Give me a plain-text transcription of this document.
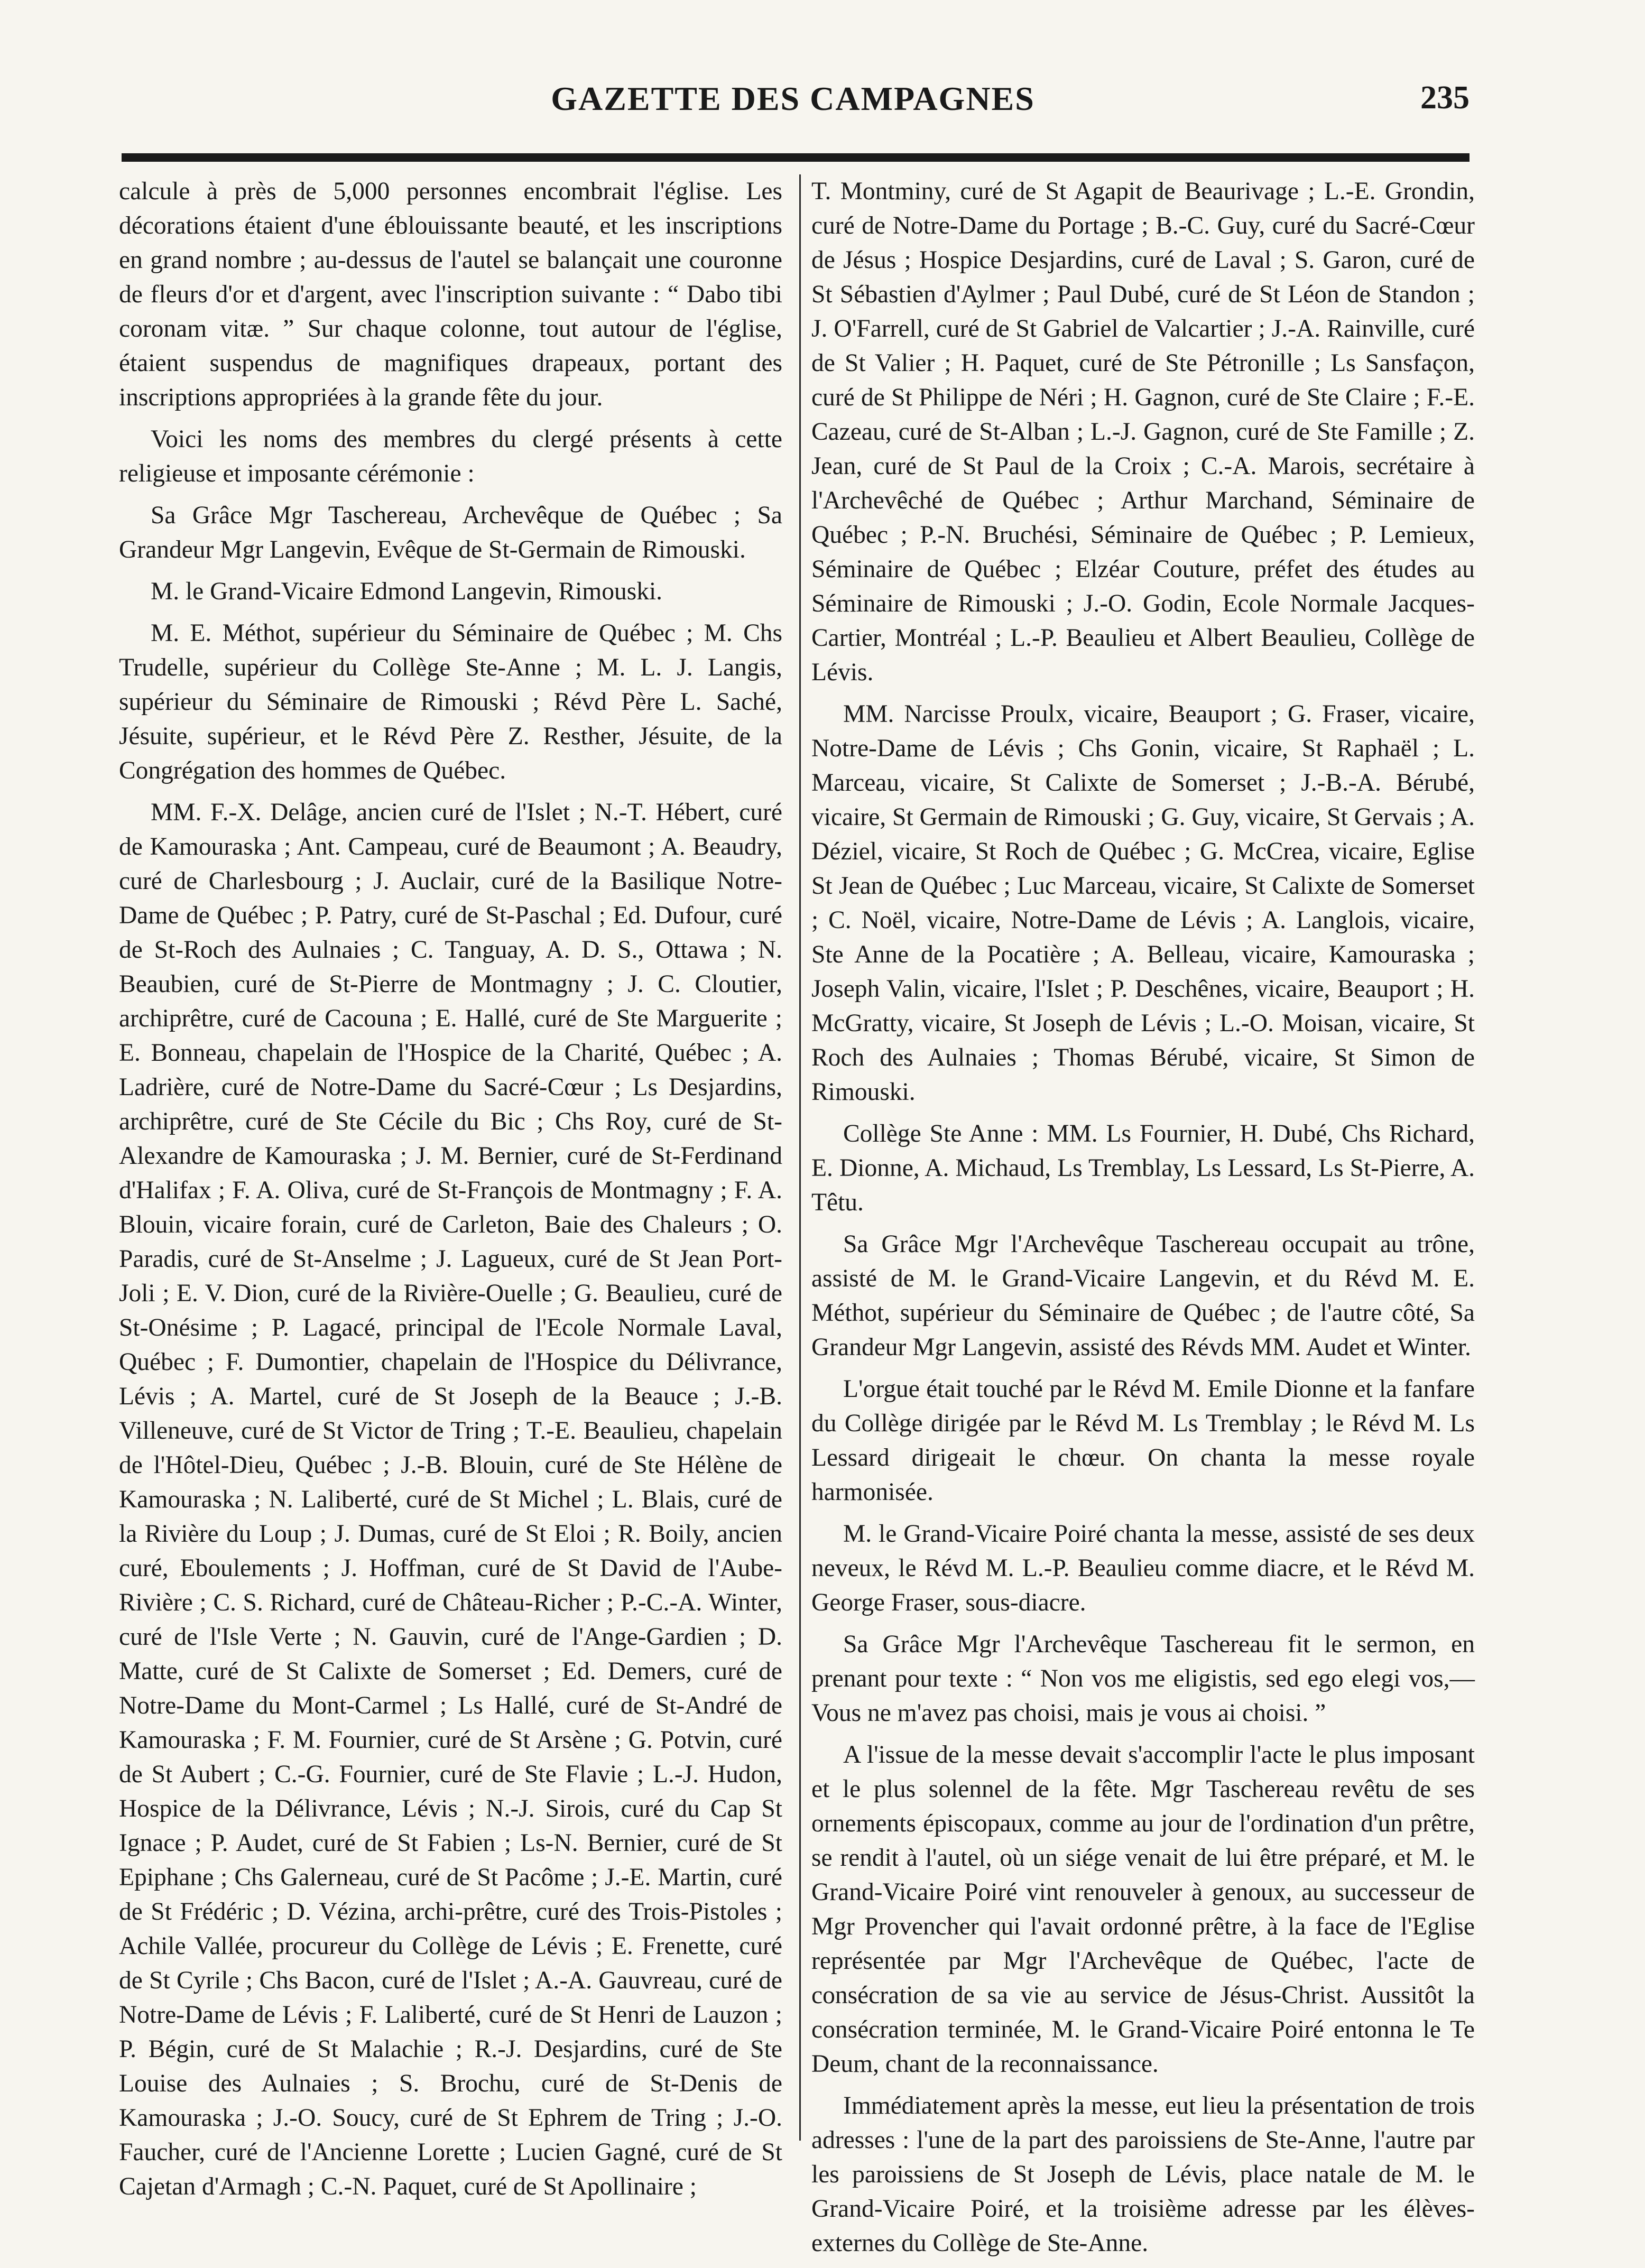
GAZETTE DES CAMPAGNES	235

calcule à près de 5,000 personnes encombrait l'église. Les décorations étaient d'une éblouissante beauté, et les inscriptions en grand nombre ; au-dessus de l'autel se balançait une couronne de fleurs d'or et d'argent, avec l'inscription suivante : “ Dabo tibi coronam vitæ. ” Sur chaque colonne, tout autour de l'église, étaient suspendus de magnifiques drapeaux, portant des inscriptions appropriées à la grande fête du jour.

Voici les noms des membres du clergé présents à cette religieuse et imposante cérémonie :

Sa Grâce Mgr Taschereau, Archevêque de Québec ; Sa Grandeur Mgr Langevin, Evêque de St-Germain de Rimouski.

M. le Grand-Vicaire Edmond Langevin, Rimouski.

M. E. Méthot, supérieur du Séminaire de Québec ; M. Chs Trudelle, supérieur du Collège Ste-Anne ; M. L. J. Langis, supérieur du Séminaire de Rimouski ; Révd Père L. Saché, Jésuite, supérieur, et le Révd Père Z. Resther, Jésuite, de la Congrégation des hommes de Québec.

MM. F.-X. Delâge, ancien curé de l'Islet ; N.-T. Hébert, curé de Kamouraska ; Ant. Campeau, curé de Beaumont ; A. Beaudry, curé de Charlesbourg ; J. Auclair, curé de la Basilique Notre-Dame de Québec ; P. Patry, curé de St-Paschal ; Ed. Dufour, curé de St-Roch des Aulnaies ; C. Tanguay, A. D. S., Ottawa ; N. Beaubien, curé de St-Pierre de Montmagny ; J. C. Cloutier, archiprêtre, curé de Cacouna ; E. Hallé, curé de Ste Marguerite ; E. Bonneau, chapelain de l'Hospice de la Charité, Québec ; A. Ladrière, curé de Notre-Dame du Sacré-Cœur ; Ls Desjardins, archiprêtre, curé de Ste Cécile du Bic ; Chs Roy, curé de St-Alexandre de Kamouraska ; J. M. Bernier, curé de St-Ferdinand d'Halifax ; F. A. Oliva, curé de St-François de Montmagny ; F. A. Blouin, vicaire forain, curé de Carleton, Baie des Chaleurs ; O. Paradis, curé de St-Anselme ; J. Lagueux, curé de St Jean Port-Joli ; E. V. Dion, curé de la Rivière-Ouelle ; G. Beaulieu, curé de St-Onésime ; P. Lagacé, principal de l'Ecole Normale Laval, Québec ; F. Dumontier, chapelain de l'Hospice du Délivrance, Lévis ; A. Martel, curé de St Joseph de la Beauce ; J.-B. Villeneuve, curé de St Victor de Tring ; T.-E. Beaulieu, chapelain de l'Hôtel-Dieu, Québec ; J.-B. Blouin, curé de Ste Hélène de Kamouraska ; N. Laliberté, curé de St Michel ; L. Blais, curé de la Rivière du Loup ; J. Dumas, curé de St Eloi ; R. Boily, ancien curé, Eboulements ; J. Hoffman, curé de St David de l'Aube-Rivière ; C. S. Richard, curé de Château-Richer ; P.-C.-A. Winter, curé de l'Isle Verte ; N. Gauvin, curé de l'Ange-Gardien ; D. Matte, curé de St Calixte de Somerset ; Ed. Demers, curé de Notre-Dame du Mont-Carmel ; Ls Hallé, curé de St-André de Kamouraska ; F. M. Fournier, curé de St Arsène ; G. Potvin, curé de St Aubert ; C.-G. Fournier, curé de Ste Flavie ; L.-J. Hudon, Hospice de la Délivrance, Lévis ; N.-J. Sirois, curé du Cap St Ignace ; P. Audet, curé de St Fabien ; Ls-N. Bernier, curé de St Epiphane ; Chs Galerneau, curé de St Pacôme ; J.-E. Martin, curé de St Frédéric ; D. Vézina, archi-prêtre, curé des Trois-Pistoles ; Achile Vallée, procureur du Collège de Lévis ; E. Frenette, curé de St Cyrile ; Chs Bacon, curé de l'Islet ; A.-A. Gauvreau, curé de Notre-Dame de Lévis ; F. Laliberté, curé de St Henri de Lauzon ; P. Bégin, curé de St Malachie ; R.-J. Desjardins, curé de Ste Louise des Aulnaies ; S. Brochu, curé de St-Denis de Kamouraska ; J.-O. Soucy, curé de St Ephrem de Tring ; J.-O. Faucher, curé de l'Ancienne Lorette ; Lucien Gagné, curé de St Cajetan d'Armagh ; C.-N. Paquet, curé de St Apollinaire ;

T. Montminy, curé de St Agapit de Beaurivage ; L.-E. Grondin, curé de Notre-Dame du Portage ; B.-C. Guy, curé du Sacré-Cœur de Jésus ; Hospice Desjardins, curé de Laval ; S. Garon, curé de St Sébastien d'Aylmer ; Paul Dubé, curé de St Léon de Standon ; J. O'Farrell, curé de St Gabriel de Valcartier ; J.-A. Rainville, curé de St Valier ; H. Paquet, curé de Ste Pétronille ; Ls Sansfaçon, curé de St Philippe de Néri ; H. Gagnon, curé de Ste Claire ; F.-E. Cazeau, curé de St-Alban ; L.-J. Gagnon, curé de Ste Famille ; Z. Jean, curé de St Paul de la Croix ; C.-A. Marois, secrétaire à l'Archevêché de Québec ; Arthur Marchand, Séminaire de Québec ; P.-N. Bruchési, Séminaire de Québec ; P. Lemieux, Séminaire de Québec ; Elzéar Couture, préfet des études au Séminaire de Rimouski ; J.-O. Godin, Ecole Normale Jacques-Cartier, Montréal ; L.-P. Beaulieu et Albert Beaulieu, Collège de Lévis.

MM. Narcisse Proulx, vicaire, Beauport ; G. Fraser, vicaire, Notre-Dame de Lévis ; Chs Gonin, vicaire, St Raphaël ; L. Marceau, vicaire, St Calixte de Somerset ; J.-B.-A. Bérubé, vicaire, St Germain de Rimouski ; G. Guy, vicaire, St Gervais ; A. Déziel, vicaire, St Roch de Québec ; G. McCrea, vicaire, Eglise St Jean de Québec ; Luc Marceau, vicaire, St Calixte de Somerset ; C. Noël, vicaire, Notre-Dame de Lévis ; A. Langlois, vicaire, Ste Anne de la Pocatière ; A. Belleau, vicaire, Kamouraska ; Joseph Valin, vicaire, l'Islet ; P. Deschênes, vicaire, Beauport ; H. McGratty, vicaire, St Joseph de Lévis ; L.-O. Moisan, vicaire, St Roch des Aulnaies ; Thomas Bérubé, vicaire, St Simon de Rimouski.

Collège Ste Anne : MM. Ls Fournier, H. Dubé, Chs Richard, E. Dionne, A. Michaud, Ls Tremblay, Ls Lessard, Ls St-Pierre, A. Têtu.

Sa Grâce Mgr l'Archevêque Taschereau occupait au trône, assisté de M. le Grand-Vicaire Langevin, et du Révd M. E. Méthot, supérieur du Séminaire de Québec ; de l'autre côté, Sa Grandeur Mgr Langevin, assisté des Révds MM. Audet et Winter.

L'orgue était touché par le Révd M. Emile Dionne et la fanfare du Collège dirigée par le Révd M. Ls Tremblay ; le Révd M. Ls Lessard dirigeait le chœur. On chanta la messe royale harmonisée.

M. le Grand-Vicaire Poiré chanta la messe, assisté de ses deux neveux, le Révd M. L.-P. Beaulieu comme diacre, et le Révd M. George Fraser, sous-diacre.

Sa Grâce Mgr l'Archevêque Taschereau fit le sermon, en prenant pour texte : “ Non vos me eligistis, sed ego elegi vos,—Vous ne m'avez pas choisi, mais je vous ai choisi. ”

A l'issue de la messe devait s'accomplir l'acte le plus imposant et le plus solennel de la fête. Mgr Taschereau revêtu de ses ornements épiscopaux, comme au jour de l'ordination d'un prêtre, se rendit à l'autel, où un siége venait de lui être préparé, et M. le Grand-Vicaire Poiré vint renouveler à genoux, au successeur de Mgr Provencher qui l'avait ordonné prêtre, à la face de l'Eglise représentée par Mgr l'Archevêque de Québec, l'acte de consécration de sa vie au service de Jésus-Christ. Aussitôt la consécration terminée, M. le Grand-Vicaire Poiré entonna le Te Deum, chant de la reconnaissance.

Immédiatement après la messe, eut lieu la présentation de trois adresses : l'une de la part des paroissiens de Ste-Anne, l'autre par les paroissiens de St Joseph de Lévis, place natale de M. le Grand-Vicaire Poiré, et la troisième adresse par les élèves-externes du Collège de Ste-Anne.
